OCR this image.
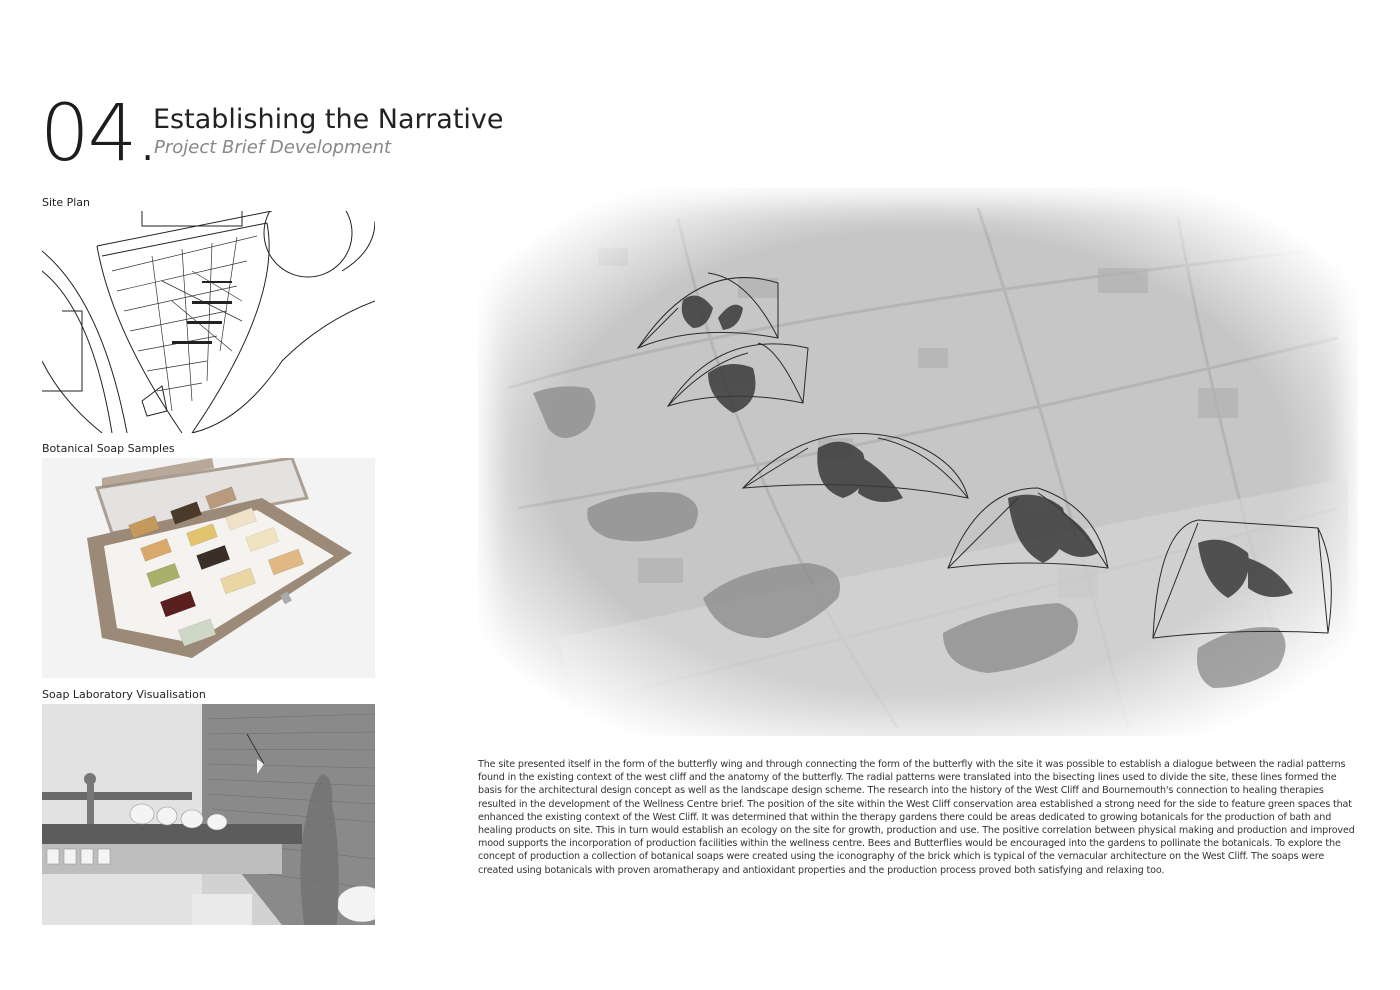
04.
Establishing the Narrative
Project Brief Development
Site Plan
Botanical Soap Samples
Soap Laboratory Visualisation
The site presented itself in the form of the butterfly wing and through connecting the form of the butterfly with the site it was possible to establish a dialogue between the radial patterns found in the existing context of the west cliff and the anatomy of the butterfly. The radial patterns were translated into the bisecting lines used to divide the site, these lines formed the basis for the architectural design concept as well as the landscape design scheme. The research into the history of the West Cliff and Bournemouth's connection to healing therapies resulted in the development of the Wellness Centre brief. The position of the site within the West Cliff conservation area established a strong need for the side to feature green spaces that enhanced the existing context of the West Cliff. It was determined that within the therapy gardens there could be areas dedicated to growing botanicals for the production of bath and healing products on site. This in turn would establish an ecology on the site for growth, production and use. The positive correlation between physical making and production and improved mood supports the incorporation of production facilities within the wellness centre. Bees and Butterflies would be encouraged into the gardens to pollinate the botanicals. To explore the concept of production a collection of botanical soaps were created using the iconography of the brick which is typical of the vernacular architecture on the West Cliff. The soaps were created using botanicals with proven aromatherapy and antioxidant properties and the production process proved both satisfying and relaxing too.
